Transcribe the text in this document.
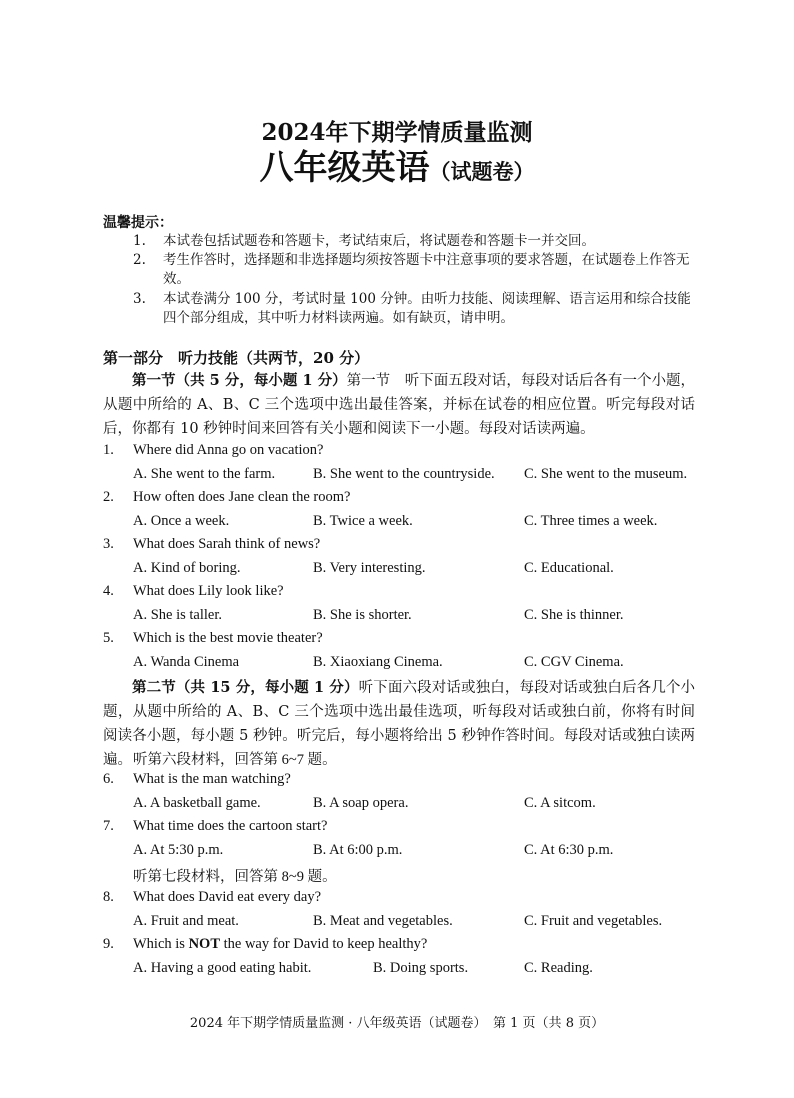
2024年下期学情质量监测
八年级英语（试题卷）
温馨提示：
1.	本试卷包括试题卷和答题卡，考试结束后，将试题卷和答题卡一并交回。
2.	考生作答时，选择题和非选择题均须按答题卡中注意事项的要求答题，在试题卷上作答无效。
3.	本试卷满分 100 分，考试时量 100 分钟。由听力技能、阅读理解、语言运用和综合技能四个部分组成，其中听力材料读两遍。如有缺页，请申明。
第一部分　听力技能（共两节，20 分）
第一节（共 5 分，每小题 1 分）第一节　听下面五段对话，每段对话后各有一个小题，从题中所给的 A、B、C 三个选项中选出最佳答案，并标在试卷的相应位置。听完每段对话后，你都有 10 秒钟时间来回答有关小题和阅读下一小题。每段对话读两遍。
1. Where did Anna go on vacation?
A. She went to the farm.	B. She went to the countryside. C. She went to the museum.
2. How often does Jane clean the room?
A. Once a week.	B. Twice a week.	C. Three times a week.
3. What does Sarah think of news?
A. Kind of boring.	B. Very interesting.	C. Educational.
4. What does Lily look like?
A. She is taller.	B. She is shorter.	C. She is thinner.
5. Which is the best movie theater?
A. Wanda Cinema	B. Xiaoxiang Cinema.	C. CGV Cinema.
第二节（共 15 分，每小题 1 分）听下面六段对话或独白，每段对话或独白后各几个小题，从题中所给的 A、B、C 三个选项中选出最佳选项，听每段对话或独白前，你将有时间阅读各小题，每小题 5 秒钟。听完后，每小题将给出 5 秒钟作答时间。每段对话或独白读两遍。 听第六段材料，回答第 6~7 题。
6. What is the man watching?
A. A basketball game.	B. A soap opera.	C. A sitcom.
7. What time does the cartoon start?
A. At 5:30 p.m.	B. At 6:00 p.m.	C. At 6:30 p.m.
听第七段材料，回答第 8~9 题。
8. What does David eat every day?
A. Fruit and meat.	B. Meat and vegetables.	C. Fruit and vegetables.
9. Which is NOT the way for David to keep healthy?
A. Having a good eating habit.	B. Doing sports.	C. Reading.
2024 年下期学情质量监测 · 八年级英语（试题卷）　第 1 页（共 8 页）
